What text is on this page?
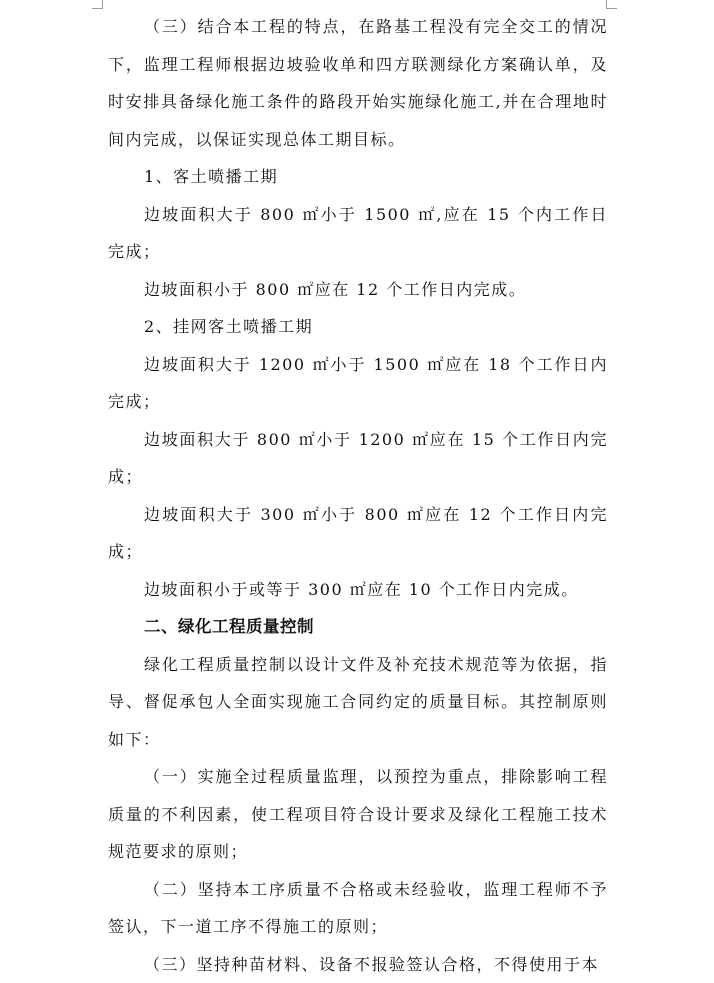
（三）结合本工程的特点，在路基工程没有完全交工的情况下，监理工程师根据边坡验收单和四方联测绿化方案确认单，及时安排具备绿化施工条件的路段开始实施绿化施工,并在合理地时间内完成，以保证实现总体工期目标。

1、客土喷播工期

边坡面积大于 800 ㎡小于 1500 ㎡,应在 15 个内工作日完成；

边坡面积小于 800 ㎡应在 12 个工作日内完成。

2、挂网客土喷播工期

边坡面积大于 1200 ㎡小于 1500 ㎡应在 18 个工作日内完成；

边坡面积大于 800 ㎡小于 1200 ㎡应在 15 个工作日内完成；

边坡面积大于 300 ㎡小于 800 ㎡应在 12 个工作日内完成；

边坡面积小于或等于 300 ㎡应在 10 个工作日内完成。

二、绿化工程质量控制

绿化工程质量控制以设计文件及补充技术规范等为依据，指导、督促承包人全面实现施工合同约定的质量目标。其控制原则如下：

（一）实施全过程质量监理，以预控为重点，排除影响工程质量的不利因素，使工程项目符合设计要求及绿化工程施工技术规范要求的原则；

（二）坚持本工序质量不合格或未经验收，监理工程师不予签认，下一道工序不得施工的原则；

（三）坚持种苗材料、设备不报验签认合格，不得使用于本
